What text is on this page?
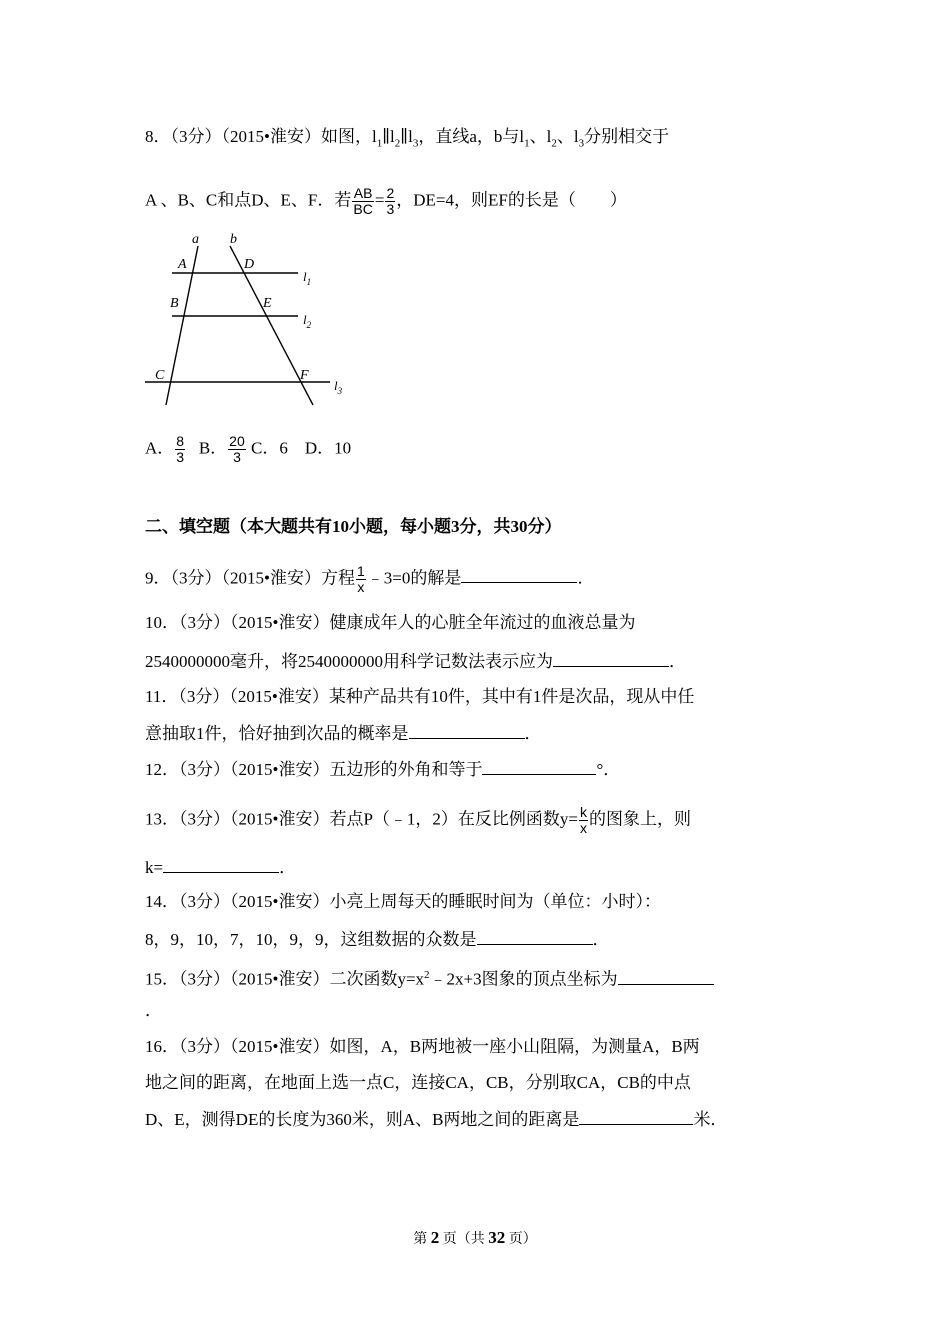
8．（3分）（2015•淮安）如图，$l_1\parallel l_2\parallel l_3$，直线a，b与$l_1$、$l_2$、$l_3$分别相交于
A 、B、C和点D、E、F．若 $\frac{AB}{BC} = \frac{2}{3}$ ，DE=4，则EF的长是（　　）
a b
A	D
B	E
C	F
$l_1$
$l_2$
$l_3$
A． $\frac{8}{3}$ B． $\frac{20}{3}$ C．6 D．10
二、填空题（本大题共有10小题，每小题3分，共30分）
9．（3分）（2015•淮安）方程 $\frac{1}{x}$ ﹣3=0的解是	．
10．（3分）（2015•淮安）健康成年人的心脏全年流过的血液总量为
2540000000毫升，将2540000000用科学记数法表示应为	．
11．（3分）（2015•淮安）某种产品共有10件，其中有1件是次品，现从中任
意抽取1件，恰好抽到次品的概率是	．
12．（3分）（2015•淮安）五边形的外角和等于	°．
13．（3分）（2015•淮安）若点P（﹣1，2）在反比例函数$y= \frac{k}{x}$ 的图象上，则
k=	．
14．（3分）（2015•淮安）小亮上周每天的睡眠时间为（单位：小时）：
8，9，10，7，10，9，9，这组数据的众数是	．
15．（3分）（2015•淮安）二次函数$y=x^2﹣2x+3$图象的顶点坐标为
．
16．（3分）（2015•淮安）如图，A，B两地被一座小山阻隔，为测量A，B两
地之间的距离，在地面上选一点C，连接CA，CB，分别取CA，CB的中点
D、E，测得DE的长度为360米，则A、B两地之间的距离是	米．
第 2 页（共 32 页）
